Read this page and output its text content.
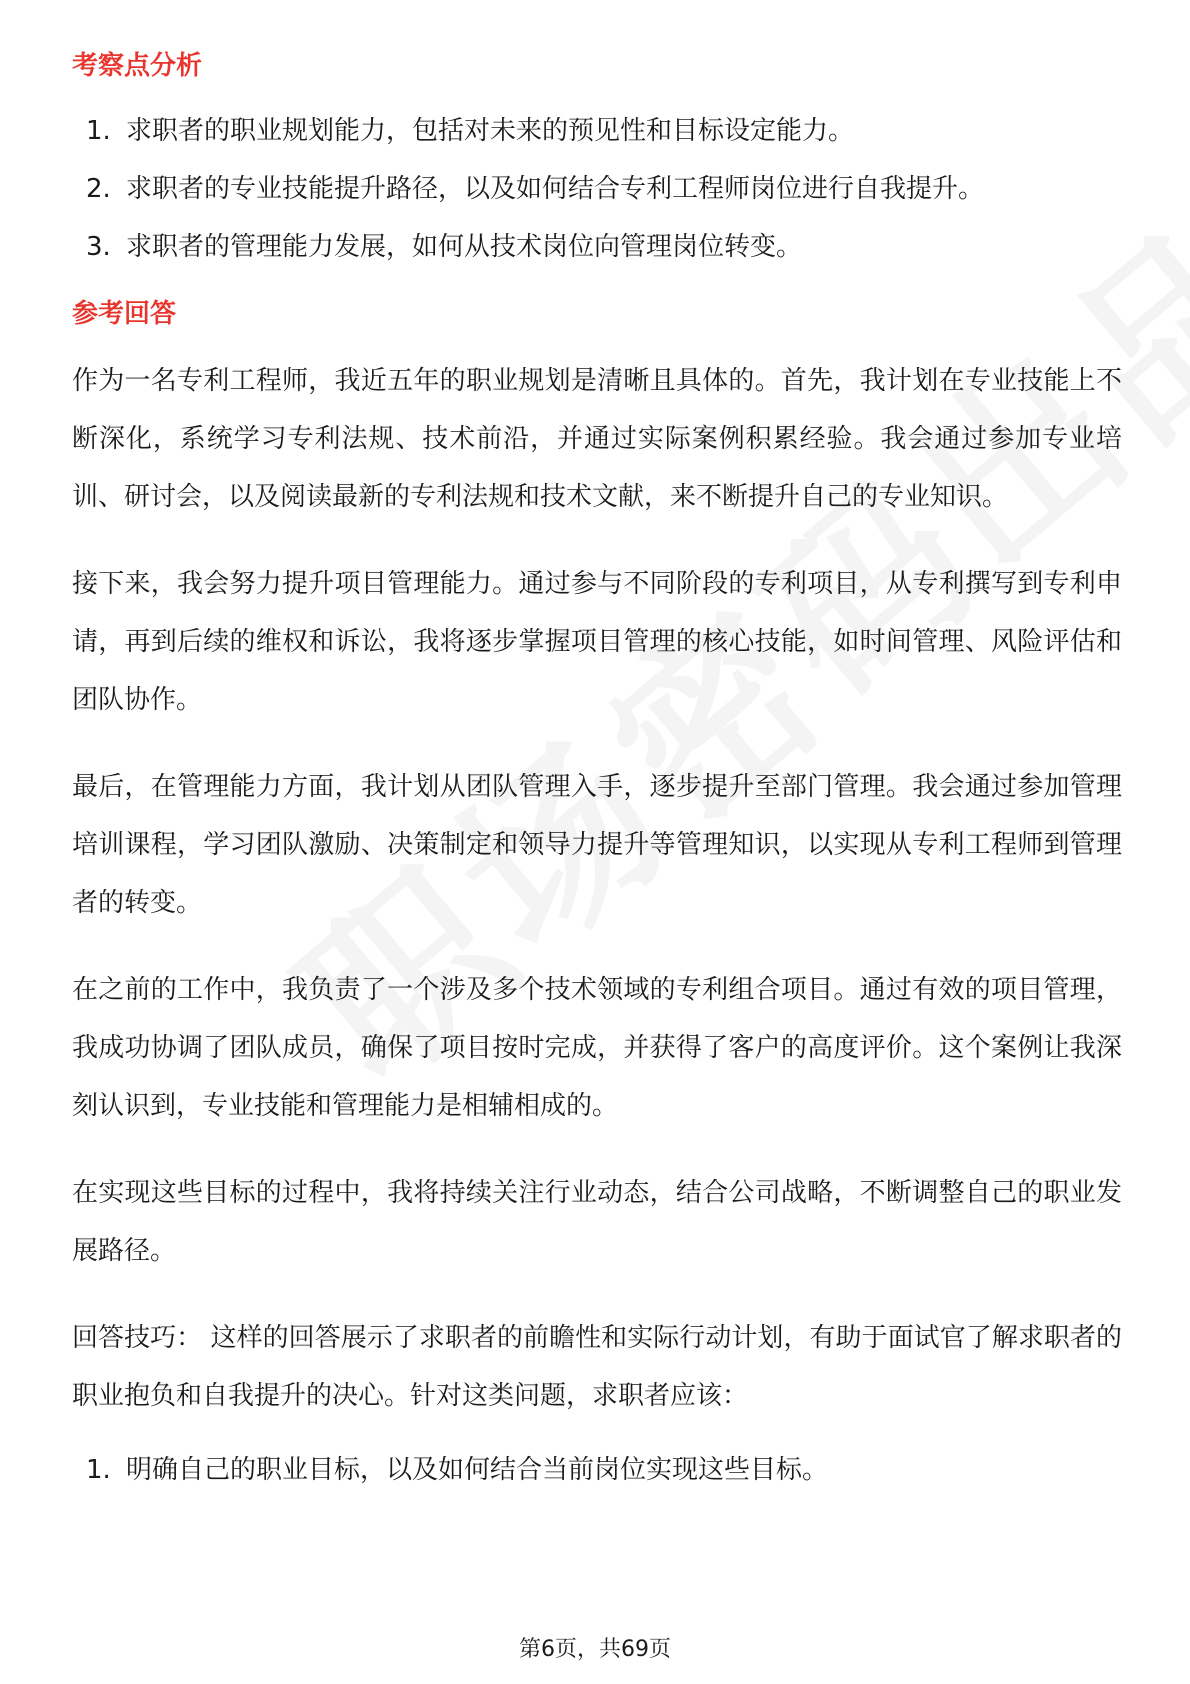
考察点分析
1. 求职者的职业规划能力，包括对未来的预见性和目标设定能力。
2. 求职者的专业技能提升路径，以及如何结合专利工程师岗位进行自我提升。
3. 求职者的管理能力发展，如何从技术岗位向管理岗位转变。
参考回答

作为一名专利工程师，我近五年的职业规划是清晰且具体的。首先，我计划在专业技能上不断深化，系统学习专利法规、技术前沿，并通过实际案例积累经验。我会通过参加专业培训、研讨会，以及阅读最新的专利法规和技术文献，来不断提升自己的专业知识。

接下来，我会努力提升项目管理能力。通过参与不同阶段的专利项目，从专利撰写到专利申请，再到后续的维权和诉讼，我将逐步掌握项目管理的核心技能，如时间管理、风险评估和团队协作。

最后，在管理能力方面，我计划从团队管理入手，逐步提升至部门管理。我会通过参加管理培训课程，学习团队激励、决策制定和领导力提升等管理知识，以实现从专利工程师到管理者的转变。

在之前的工作中，我负责了一个涉及多个技术领域的专利组合项目。通过有效的项目管理，我成功协调了团队成员，确保了项目按时完成，并获得了客户的高度评价。这个案例让我深刻认识到，专业技能和管理能力是相辅相成的。

在实现这些目标的过程中，我将持续关注行业动态，结合公司战略，不断调整自己的职业发展路径。

回答技巧： 这样的回答展示了求职者的前瞻性和实际行动计划，有助于面试官了解求职者的职业抱负和自我提升的决心。针对这类问题，求职者应该：

1. 明确自己的职业目标，以及如何结合当前岗位实现这些目标。
第6页，共69页
